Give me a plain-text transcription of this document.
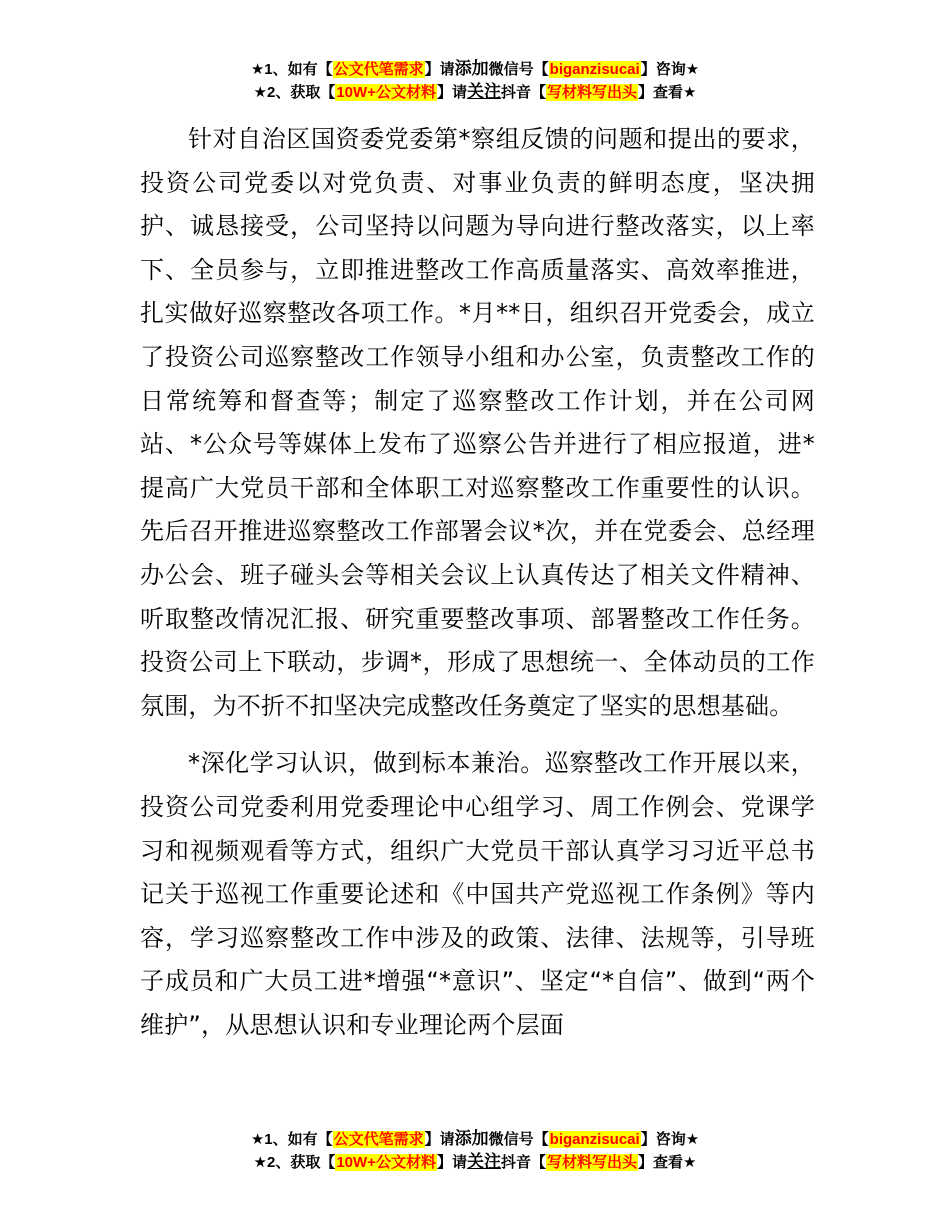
★1、如有【公文代笔需求】请添加微信号【biganzisucai】咨询★
★2、获取【10W+公文材料】请关注抖音【写材料写出头】查看★

针对自治区国资委党委第*察组反馈的问题和提出的要求，投资公司党委以对党负责、对事业负责的鲜明态度，坚决拥护、诚恳接受，公司坚持以问题为导向进行整改落实，以上率下、全员参与，立即推进整改工作高质量落实、高效率推进，扎实做好巡察整改各项工作。*月**日，组织召开党委会，成立了投资公司巡察整改工作领导小组和办公室，负责整改工作的日常统筹和督查等；制定了巡察整改工作计划，并在公司网站、*公众号等媒体上发布了巡察公告并进行了相应报道，进*提高广大党员干部和全体职工对巡察整改工作重要性的认识。先后召开推进巡察整改工作部署会议*次，并在党委会、总经理办公会、班子碰头会等相关会议上认真传达了相关文件精神、听取整改情况汇报、研究重要整改事项、部署整改工作任务。投资公司上下联动，步调*，形成了思想统一、全体动员的工作氛围，为不折不扣坚决完成整改任务奠定了坚实的思想基础。

*深化学习认识，做到标本兼治。巡察整改工作开展以来，投资公司党委利用党委理论中心组学习、周工作例会、党课学习和视频观看等方式，组织广大党员干部认真学习习近平总书记关于巡视工作重要论述和《中国共产党巡视工作条例》等内容，学习巡察整改工作中涉及的政策、法律、法规等，引导班子成员和广大员工进*增强“*意识”、坚定“*自信”、做到“两个维护”，从思想认识和专业理论两个层面

★1、如有【公文代笔需求】请添加微信号【biganzisucai】咨询★
★2、获取【10W+公文材料】请关注抖音【写材料写出头】查看★
